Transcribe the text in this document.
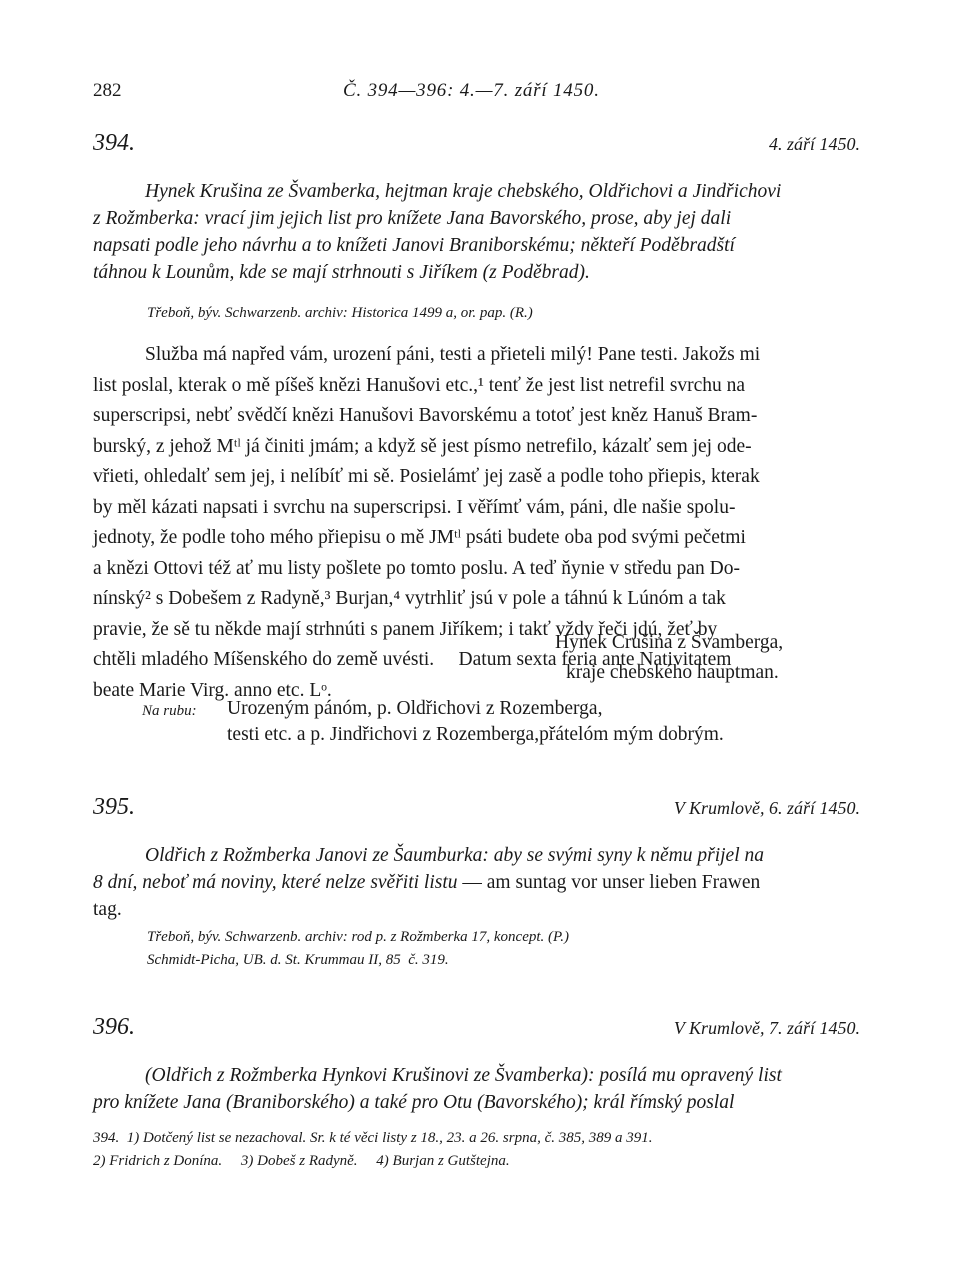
282	Č. 394—396: 4.—7. září 1450.
394.	4. září 1450.

Hynek Krušina ze Švamberka, hejtman kraje chebského, Oldřichovi a Jindřichovi

z Rožmberka: vrací jim jejich list pro knížete Jana Bavorského, prose, aby jej dali

napsati podle jeho návrhu a to knížeti Janovi Braniborskému; někteří Poděbradští

táhnou k Lounům, kde se mají strhnouti s Jiříkem (z Poděbrad).

Třeboň, býv. Schwarzenb. archiv: Historica 1499 a, or. pap. (R.)

Služba má napřed vám, urození páni, testi a přieteli milý! Pane testi. Jakožs mi

list poslal, kterak o mě píšeš knězi Hanušovi etc.,¹ tenť že jest list netrefil svrchu na

superscripsi, nebť svědčí knězi Hanušovi Bavorskému a totoť jest kněz Hanuš Bram-

burský, z jehož Mᵗˡ já činiti jmám; a když sě jest písmo netrefilo, kázalť sem jej ode-

vřieti, ohledalť sem jej, i nelíbíť mi sě. Posielámť jej zasě a podle toho přiepis, kterak

by měl kázati napsati i svrchu na superscripsi. I věřímť vám, páni, dle našie spolu-

jednoty, že podle toho mého přiepisu o mě JMᵗˡ psáti budete oba pod svými pečetmi

a knězi Ottovi též ať mu listy pošlete po tomto poslu. A teď ňynie v středu pan Do-

nínský² s Dobešem z Radyně,³ Burjan,⁴ vytrhliť jsú v pole a táhnú k Lúnóm a tak

pravie, že sě tu někde mají strhnúti s panem Jiříkem; i takť vždy řeči jdú, žeť by

chtěli mladého Míšenského do země uvésti.     Datum sexta feria ante Nativitatem

beate Marie Virg. anno etc. Lᵒ.

Hynek Crušina z Švamberga,
kraje chebského hauptman.
Na rubu: Urozeným pánóm, p. Oldřichovi z Rozemberga,
testi etc. a p. Jindřichovi z Rozemberga,přátelóm mým dobrým.
395.	V Krumlově, 6. září 1450.

Oldřich z Rožmberka Janovi ze Šaumburka: aby se svými syny k němu přijel na

8 dní, neboť má noviny, které nelze svěřiti listu — am suntag vor unser lieben Frawen

tag.

Třeboň, býv. Schwarzenb. archiv: rod p. z Rožmberka 17, koncept. (P.)
Schmidt-Picha, UB. d. St. Krummau II, 85  č. 319.
396.	V Krumlově, 7. září 1450.

(Oldřich z Rožmberka Hynkovi Krušinovi ze Švamberka): posílá mu opravený list

pro knížete Jana (Braniborského) a také pro Otu (Bavorského); král římský poslal

394.  1) Dotčený list se nezachoval. Sr. k té věci listy z 18., 23. a 26. srpna, č. 385, 389 a 391.
2) Fridrich z Donína.     3) Dobeš z Radyně.     4) Burjan z Gutštejna.
